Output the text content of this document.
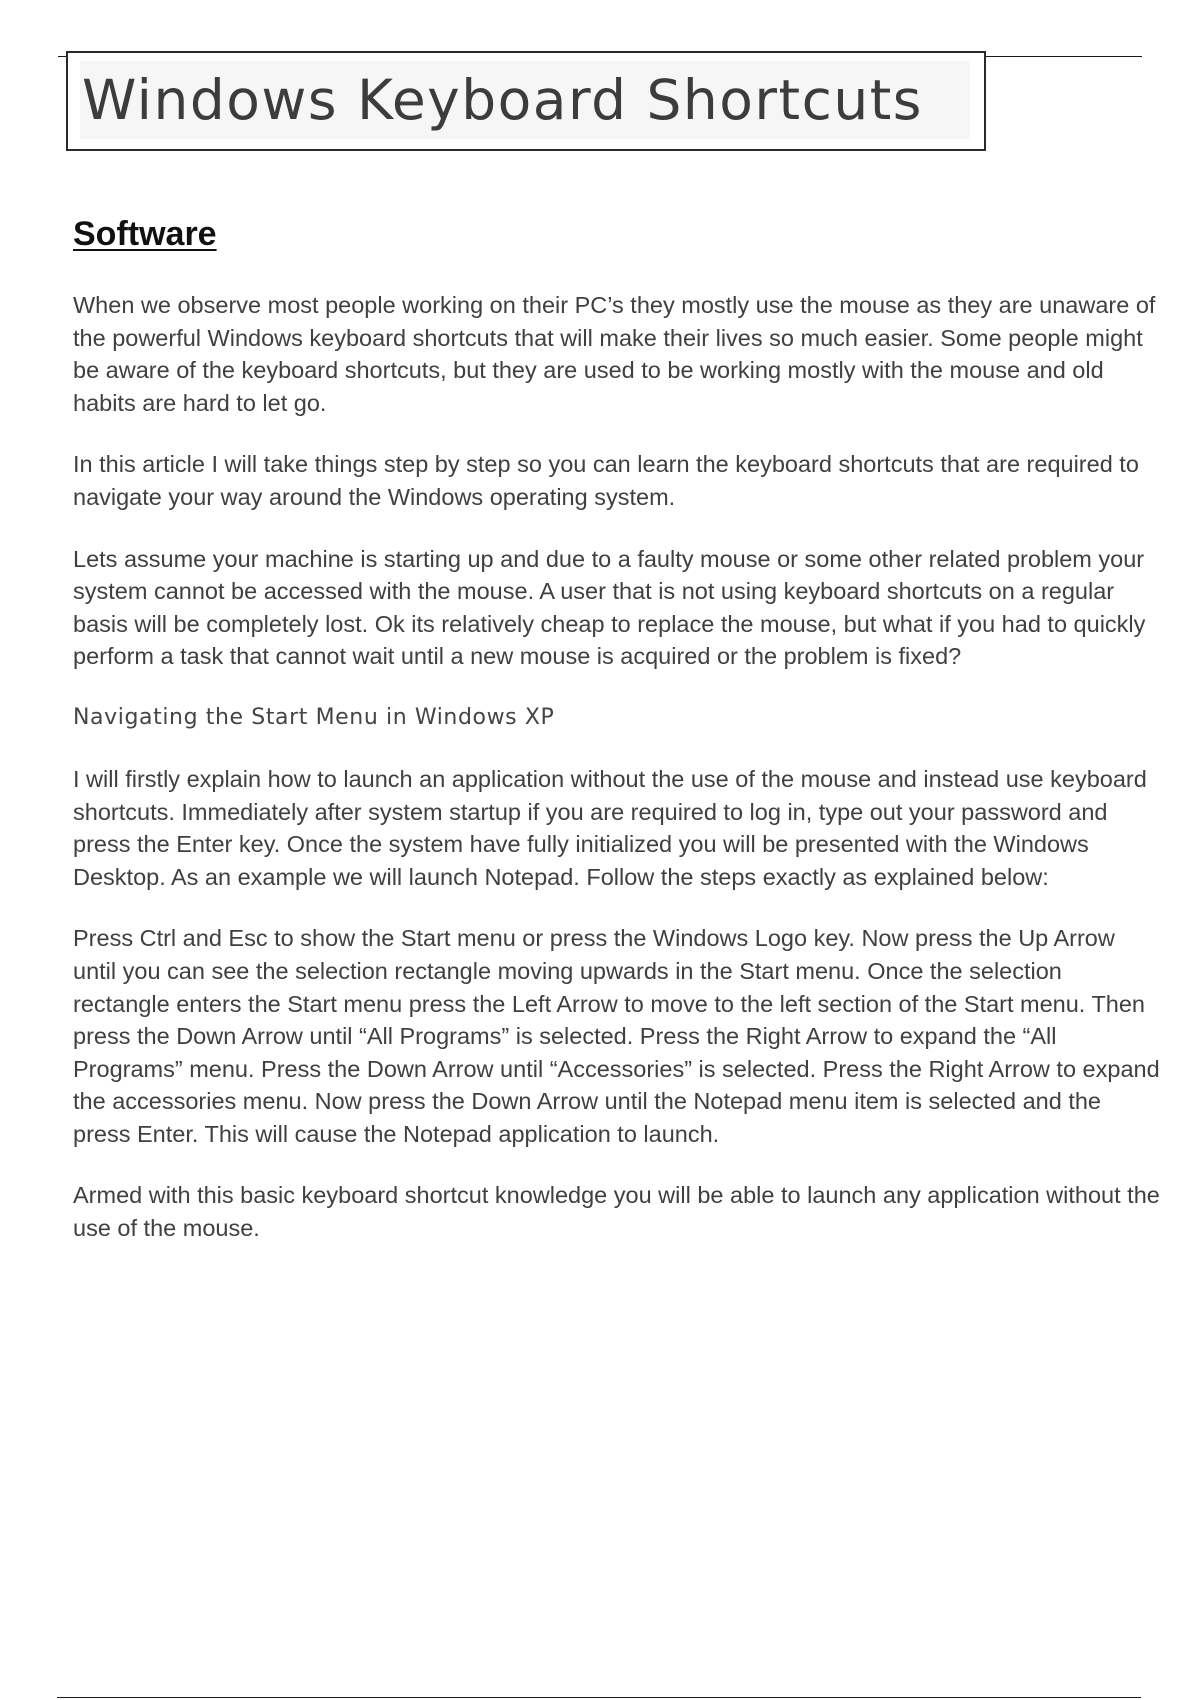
Windows Keyboard Shortcuts
Software

When we observe most people working on their PC’s they mostly use the mouse as they are unaware of the powerful Windows keyboard shortcuts that will make their lives so much easier. Some people might be aware of the keyboard shortcuts, but they are used to be working mostly with the mouse and old habits are hard to let go.

In this article I will take things step by step so you can learn the keyboard shortcuts that are required to navigate your way around the Windows operating system.

Lets assume your machine is starting up and due to a faulty mouse or some other related problem your system cannot be accessed with the mouse. A user that is not using keyboard shortcuts on a regular basis will be completely lost. Ok its relatively cheap to replace the mouse, but what if you had to quickly perform a task that cannot wait until a new mouse is acquired or the problem is fixed?

Navigating the Start Menu in Windows XP

I will firstly explain how to launch an application without the use of the mouse and instead use keyboard shortcuts. Immediately after system startup if you are required to log in, type out your password and press the Enter key. Once the system have fully initialized you will be presented with the Windows Desktop. As an example we will launch Notepad. Follow the steps exactly as explained below:

Press Ctrl and Esc to show the Start menu or press the Windows Logo key. Now press the Up Arrow until you can see the selection rectangle moving upwards in the Start menu. Once the selection rectangle enters the Start menu press the Left Arrow to move to the left section of the Start menu. Then press the Down Arrow until “All Programs” is selected. Press the Right Arrow to expand the “All Programs” menu. Press the Down Arrow until “Accessories” is selected. Press the Right Arrow to expand the accessories menu. Now press the Down Arrow until the Notepad menu item is selected and the press Enter. This will cause the Notepad application to launch.

Armed with this basic keyboard shortcut knowledge you will be able to launch any application without the use of the mouse.
